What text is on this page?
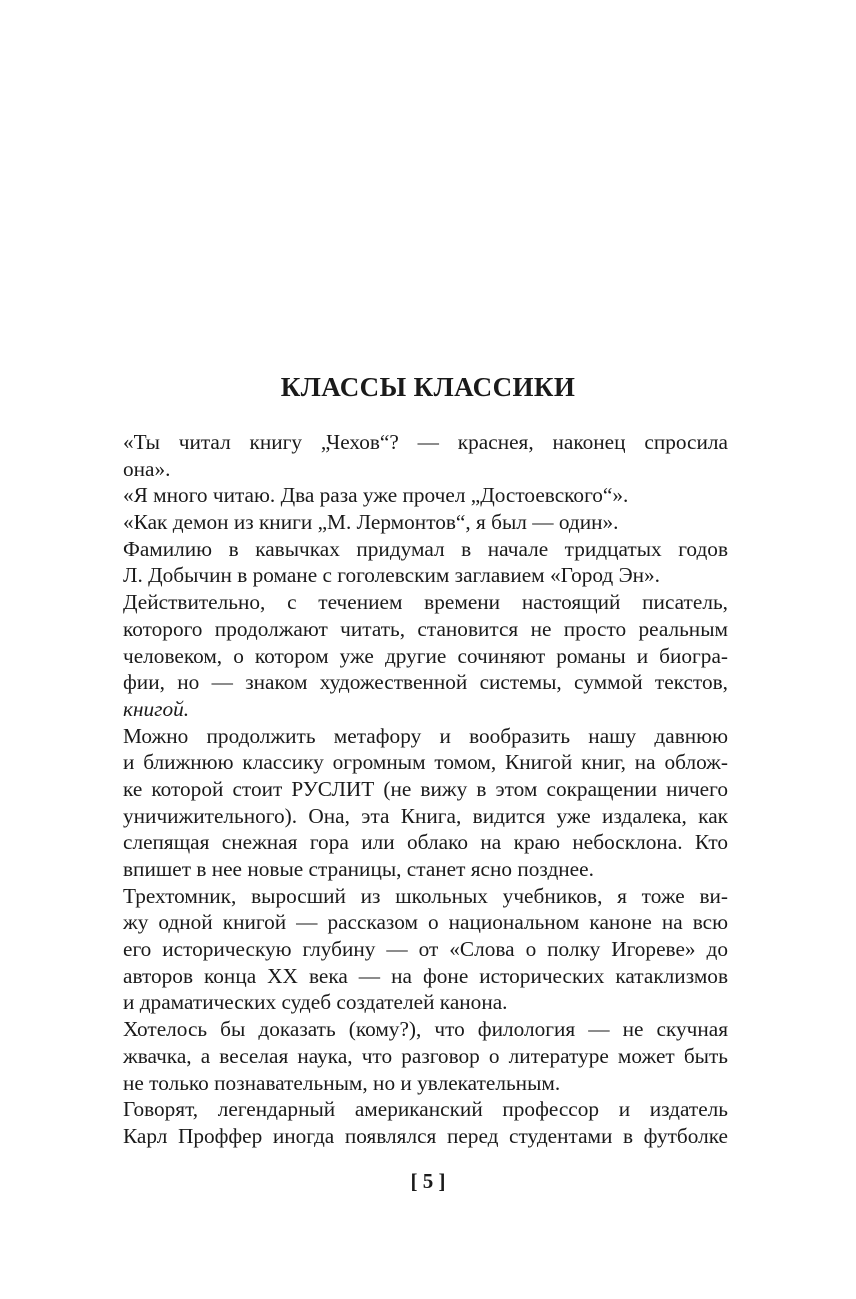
КЛАССЫ КЛАССИКИ
«Ты читал книгу „Чехов“? — краснея, наконец спросила
она».
«Я много читаю. Два раза уже прочел „Достоевского“».
«Как демон из книги „М. Лермонтов“, я был — один».
Фамилию в кавычках придумал в начале тридцатых годов
Л. Добычин в романе с гоголевским заглавием «Город Эн».
Действительно, с течением времени настоящий писатель,
которого продолжают читать, становится не просто реальным
человеком, о котором уже другие сочиняют романы и биогра-
фии, но — знаком художественной системы, суммой текстов,
книгой.
Можно продолжить метафору и вообразить нашу давнюю
и ближнюю классику огромным томом, Книгой книг, на облож-
ке которой стоит РУСЛИТ (не вижу в этом сокращении ничего
уничижительного). Она, эта Книга, видится уже издалека, как
слепящая снежная гора или облако на краю небосклона. Кто
впишет в нее новые страницы, станет ясно позднее.
Трехтомник, выросший из школьных учебников, я тоже ви-
жу одной книгой — рассказом о национальном каноне на всю
его историческую глубину — от «Слова о полку Игореве» до
авторов конца XX века — на фоне исторических катаклизмов
и драматических судеб создателей канона.
Хотелось бы доказать (кому?), что филология — не скучная
жвачка, а веселая наука, что разговор о литературе может быть
не только познавательным, но и увлекательным.
Говорят, легендарный американский профессор и издатель
Карл Проффер иногда появлялся перед студентами в футболке
[ 5 ]
